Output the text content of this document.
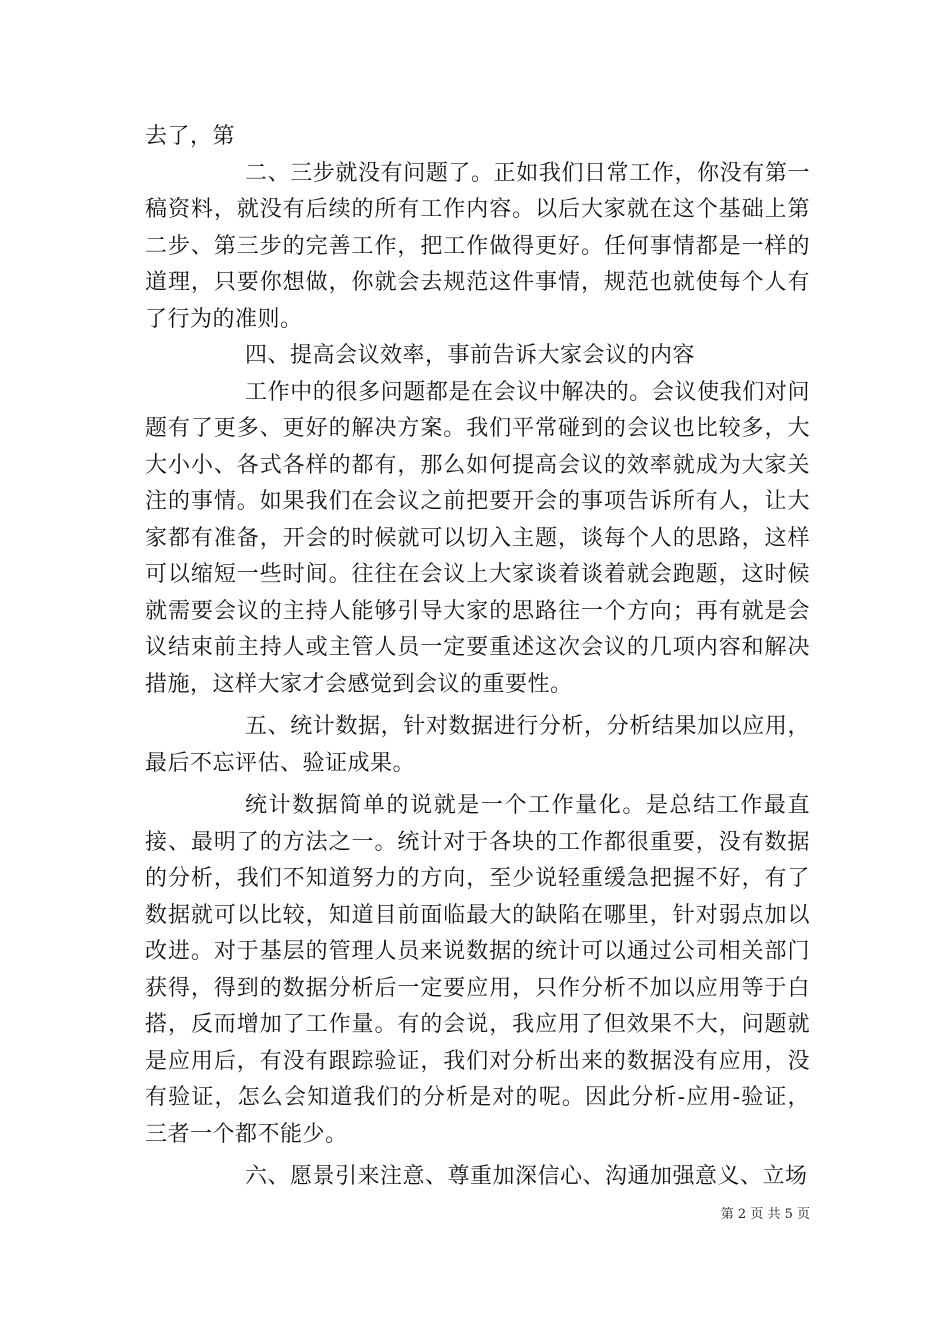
去了，第

二、三步就没有问题了。正如我们日常工作，你没有第一稿资料，就没有后续的所有工作内容。以后大家就在这个基础上第二步、第三步的完善工作，把工作做得更好。任何事情都是一样的道理，只要你想做，你就会去规范这件事情，规范也就使每个人有了行为的准则。

四、提高会议效率，事前告诉大家会议的内容

工作中的很多问题都是在会议中解决的。会议使我们对问题有了更多、更好的解决方案。我们平常碰到的会议也比较多，大大小小、各式各样的都有，那么如何提高会议的效率就成为大家关注的事情。如果我们在会议之前把要开会的事项告诉所有人，让大家都有准备，开会的时候就可以切入主题，谈每个人的思路，这样可以缩短一些时间。往往在会议上大家谈着谈着就会跑题，这时候就需要会议的主持人能够引导大家的思路往一个方向；再有就是会议结束前主持人或主管人员一定要重述这次会议的几项内容和解决措施，这样大家才会感觉到会议的重要性。

五、统计数据，针对数据进行分析，分析结果加以应用，最后不忘评估、验证成果。

统计数据简单的说就是一个工作量化。是总结工作最直接、最明了的方法之一。统计对于各块的工作都很重要，没有数据的分析，我们不知道努力的方向，至少说轻重缓急把握不好，有了数据就可以比较，知道目前面临最大的缺陷在哪里，针对弱点加以改进。对于基层的管理人员来说数据的统计可以通过公司相关部门获得，得到的数据分析后一定要应用，只作分析不加以应用等于白搭，反而增加了工作量。有的会说，我应用了但效果不大，问题就是应用后，有没有跟踪验证，我们对分析出来的数据没有应用，没有验证，怎么会知道我们的分析是对的呢。因此分析-应用-验证，三者一个都不能少。

六、愿景引来注意、尊重加深信心、沟通加强意义、立场

第 2 页 共 5 页
